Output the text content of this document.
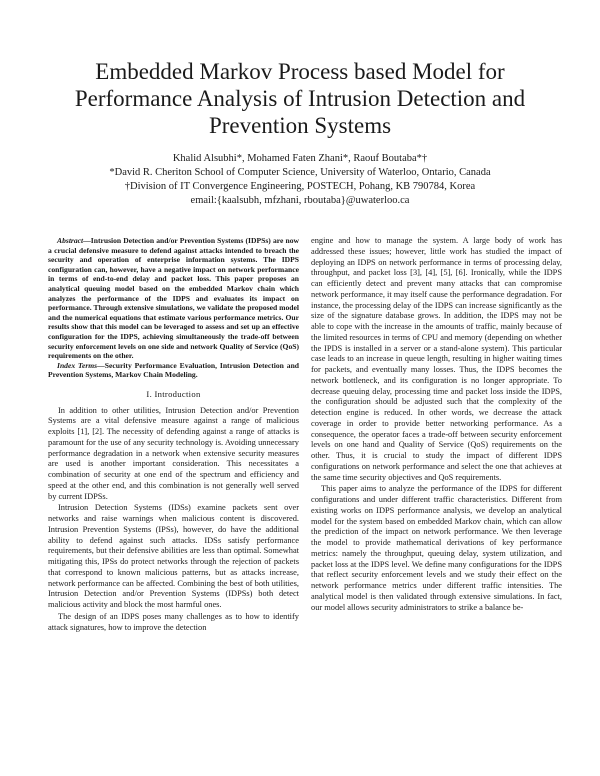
Embedded Markov Process based Model for Performance Analysis of Intrusion Detection and Prevention Systems
Khalid Alsubhi*, Mohamed Faten Zhani*, Raouf Boutaba*†
*David R. Cheriton School of Computer Science, University of Waterloo, Ontario, Canada
†Division of IT Convergence Engineering, POSTECH, Pohang, KB 790784, Korea
email:{kaalsubh, mfzhani, rboutaba}@uwaterloo.ca

Abstract—Intrusion Detection and/or Prevention Systems (IDPSs) are now a crucial defensive measure to defend against attacks intended to breach the security and operation of enterprise information systems. The IDPS configuration can, however, have a negative impact on network performance in terms of end-to-end delay and packet loss. This paper proposes an analytical queuing model based on the embedded Markov chain which analyzes the performance of the IDPS and evaluates its impact on performance. Through extensive simulations, we validate the proposed model and the numerical equations that estimate various performance metrics. Our results show that this model can be leveraged to assess and set up an effective configuration for the IDPS, achieving simultaneously the trade-off between security enforcement levels on one side and network Quality of Service (QoS) requirements on the other.

Index Terms—Security Performance Evaluation, Intrusion Detection and Prevention Systems, Markov Chain Modeling.

I. Introduction

In addition to other utilities, Intrusion Detection and/or Prevention Systems are a vital defensive measure against a range of malicious exploits [1], [2]. The necessity of defending against a range of attacks is paramount for the use of any security technology is. Avoiding unnecessary performance degradation in a network when extensive security measures are used is another important consideration. This necessitates a combination of security at one end of the spectrum and efficiency and speed at the other end, and this combination is not generally well served by current IDPSs.

Intrusion Detection Systems (IDSs) examine packets sent over networks and raise warnings when malicious content is discovered. Intrusion Prevention Systems (IPSs), however, do have the additional ability to defend against such attacks. IDSs satisfy performance requirements, but their defensive abilities are less than optimal. Somewhat mitigating this, IPSs do protect networks through the rejection of packets that correspond to known malicious patterns, but as attacks increase, network performance can be affected. Combining the best of both utilities, Intrusion Detection and/or Prevention Systems (IDPSs) both detect malicious activity and block the most harmful ones.

The design of an IDPS poses many challenges as to how to identify attack signatures, how to improve the detection

engine and how to manage the system. A large body of work has addressed these issues; however, little work has studied the impact of deploying an IDPS on network performance in terms of processing delay, throughput, and packet loss [3], [4], [5], [6]. Ironically, while the IDPS can efficiently detect and prevent many attacks that can compromise network performance, it may itself cause the performance degradation. For instance, the processing delay of the IDPS can increase significantly as the size of the signature database grows. In addition, the IDPS may not be able to cope with the increase in the amounts of traffic, mainly because of the limited resources in terms of CPU and memory (depending on whether the IPDS is installed in a server or a stand-alone system). This particular case leads to an increase in queue length, resulting in higher waiting times for packets, and eventually many losses. Thus, the IDPS becomes the network bottleneck, and its configuration is no longer appropriate. To decrease queuing delay, processing time and packet loss inside the IDPS, the configuration should be adjusted such that the complexity of the detection engine is reduced. In other words, we decrease the attack coverage in order to provide better networking performance. As a consequence, the operator faces a trade-off between security enforcement levels on one hand and Quality of Service (QoS) requirements on the other. Thus, it is crucial to study the impact of different IDPS configurations on network performance and select the one that achieves at the same time security objectives and QoS requirements.

This paper aims to analyze the performance of the IDPS for different configurations and under different traffic characteristics. Different from existing works on IDPS performance analysis, we develop an analytical model for the system based on embedded Markov chain, which can allow the prediction of the impact on network performance. We then leverage the model to provide mathematical derivations of key performance metrics: namely the throughput, queuing delay, system utilization, and packet loss at the IDPS level. We define many configurations for the IDPS that reflect security enforcement levels and we study their effect on the network performance metrics under different traffic intensities. The analytical model is then validated through extensive simulations. In fact, our model allows security administrators to strike a balance be-
